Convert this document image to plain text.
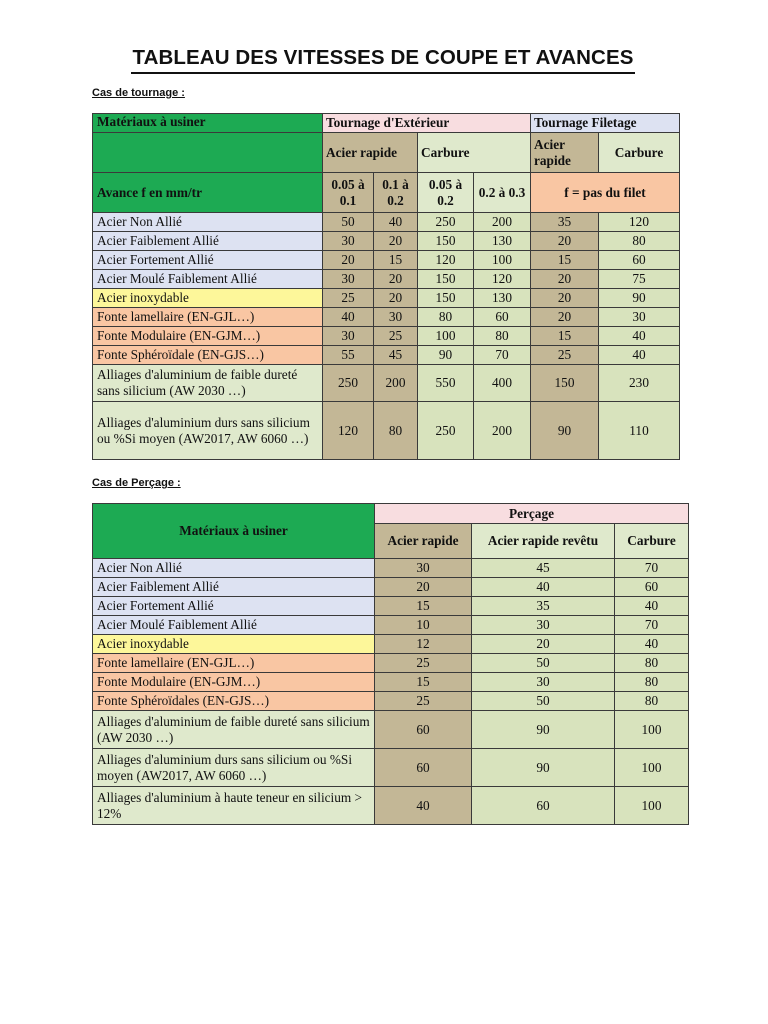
TABLEAU DES VITESSES DE COUPE ET AVANCES
Cas de tournage :
Matériaux à usiner	Tournage d'Extérieur				Tournage Filetage	
	Acier rapide		Carbure		Acier rapide	Carbure
Avance f en mm/tr	0.05 à 0.1	0.1 à 0.2	0.05 à 0.2	0.2 à 0.3	f = pas du filet	
Acier Non Allié	50	40	250	200	35	120
Acier Faiblement Allié	30	20	150	130	20	80
Acier Fortement Allié	20	15	120	100	15	60
Acier Moulé Faiblement Allié	30	20	150	120	20	75
Acier inoxydable	25	20	150	130	20	90
Fonte lamellaire (EN-GJL…)	40	30	80	60	20	30
Fonte Modulaire (EN-GJM…)	30	25	100	80	15	40
Fonte Sphéroïdale (EN-GJS…)	55	45	90	70	25	40
Alliages d'aluminium de faible dureté sans silicium (AW 2030 …)	250	200	550	400	150	230
Alliages d'aluminium durs sans silicium ou %Si moyen (AW2017, AW 6060 …)	120	80	250	200	90	110
Cas de Perçage :
Matériaux à usiner	Perçage		
	Acier rapide	Acier rapide revêtu	Carbure
Acier Non Allié	30	45	70
Acier Faiblement Allié	20	40	60
Acier Fortement Allié	15	35	40
Acier Moulé Faiblement Allié	10	30	70
Acier inoxydable	12	20	40
Fonte lamellaire (EN-GJL…)	25	50	80
Fonte Modulaire (EN-GJM…)	15	30	80
Fonte Sphéroïdales (EN-GJS…)	25	50	80
Alliages d'aluminium de faible dureté sans silicium (AW 2030 …)	60	90	100
Alliages d'aluminium durs sans silicium ou %Si moyen (AW2017, AW 6060 …)	60	90	100
Alliages d'aluminium à haute teneur en silicium > 12%	40	60	100
